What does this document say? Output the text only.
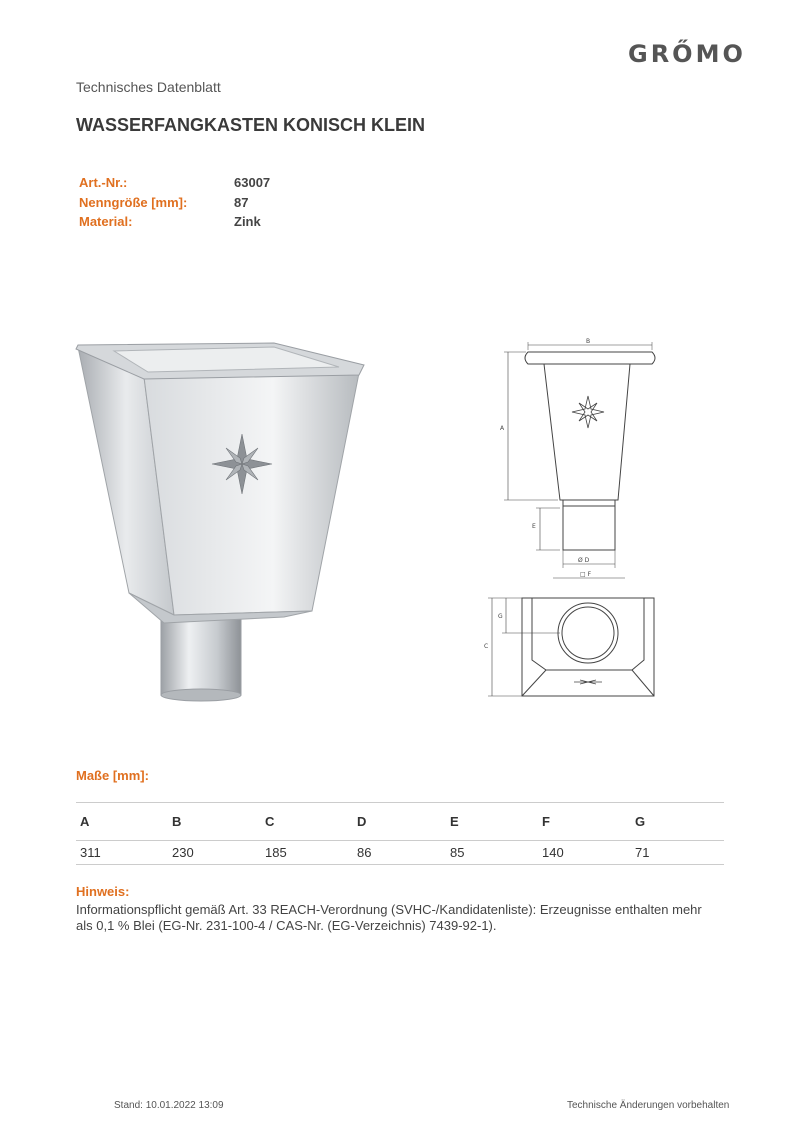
GRŐMO
Technisches Datenblatt
WASSERFANGKASTEN KONISCH KLEIN
Art.-Nr.:	63007
Nenngröße [mm]:	87
Material:	Zink
B
A
E
Ø D
□ F
C
G
Maße [mm]:
A	B	C	D	E	F	G
311	230	185	86	85	140	71
Hinweis:
Informationspflicht gemäß Art. 33 REACH-Verordnung (SVHC-/Kandidatenliste): Erzeugnisse enthalten mehr als 0,1 % Blei (EG-Nr. 231-100-4 / CAS-Nr. (EG-Verzeichnis) 7439-92-1).
Stand: 10.01.2022 13:09	Technische Änderungen vorbehalten
